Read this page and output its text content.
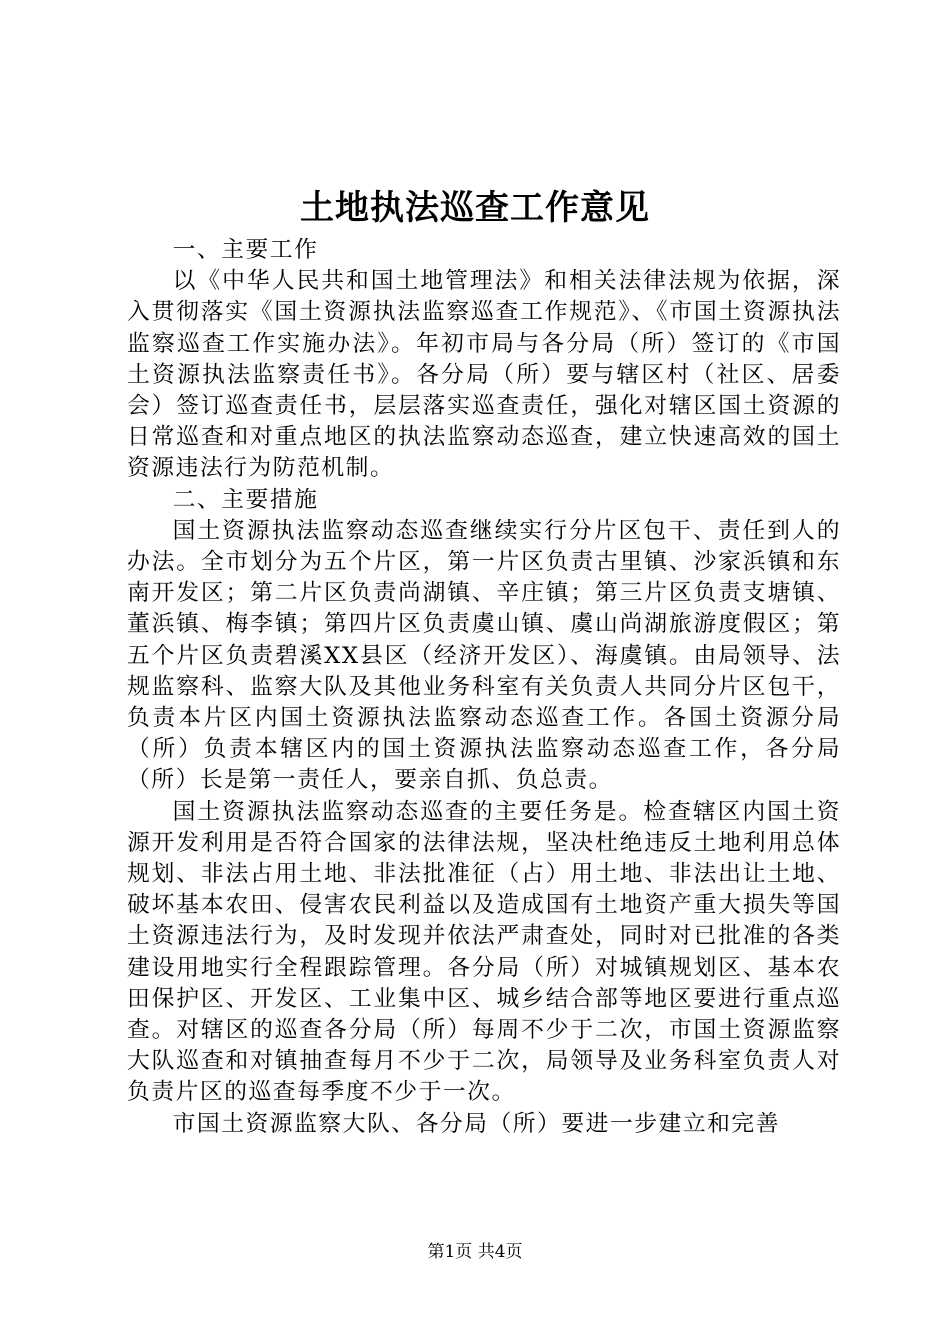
土地执法巡查工作意见

一、主要工作

以《中华人民共和国土地管理法》和相关法律法规为依据，深入贯彻落实《国土资源执法监察巡查工作规范》、《市国土资源执法监察巡查工作实施办法》。年初市局与各分局（所）签订的《市国土资源执法监察责任书》。各分局（所）要与辖区村（社区、居委会）签订巡查责任书，层层落实巡查责任，强化对辖区国土资源的日常巡查和对重点地区的执法监察动态巡查，建立快速高效的国土资源违法行为防范机制。

二、主要措施

国土资源执法监察动态巡查继续实行分片区包干、责任到人的办法。全市划分为五个片区，第一片区负责古里镇、沙家浜镇和东南开发区；第二片区负责尚湖镇、辛庄镇；第三片区负责支塘镇、董浜镇、梅李镇；第四片区负责虞山镇、虞山尚湖旅游度假区；第五个片区负责碧溪XX县区（经济开发区）、海虞镇。由局领导、法规监察科、监察大队及其他业务科室有关负责人共同分片区包干，负责本片区内国土资源执法监察动态巡查工作。各国土资源分局（所）负责本辖区内的国土资源执法监察动态巡查工作，各分局（所）长是第一责任人，要亲自抓、负总责。

国土资源执法监察动态巡查的主要任务是。检查辖区内国土资源开发利用是否符合国家的法律法规，坚决杜绝违反土地利用总体规划、非法占用土地、非法批准征（占）用土地、非法出让土地、破坏基本农田、侵害农民利益以及造成国有土地资产重大损失等国土资源违法行为，及时发现并依法严肃查处，同时对已批准的各类建设用地实行全程跟踪管理。各分局（所）对城镇规划区、基本农田保护区、开发区、工业集中区、城乡结合部等地区要进行重点巡查。对辖区的巡查各分局（所）每周不少于二次，市国土资源监察大队巡查和对镇抽查每月不少于二次，局领导及业务科室负责人对负责片区的巡查每季度不少于一次。

市国土资源监察大队、各分局（所）要进一步建立和完善

第1页 共4页
